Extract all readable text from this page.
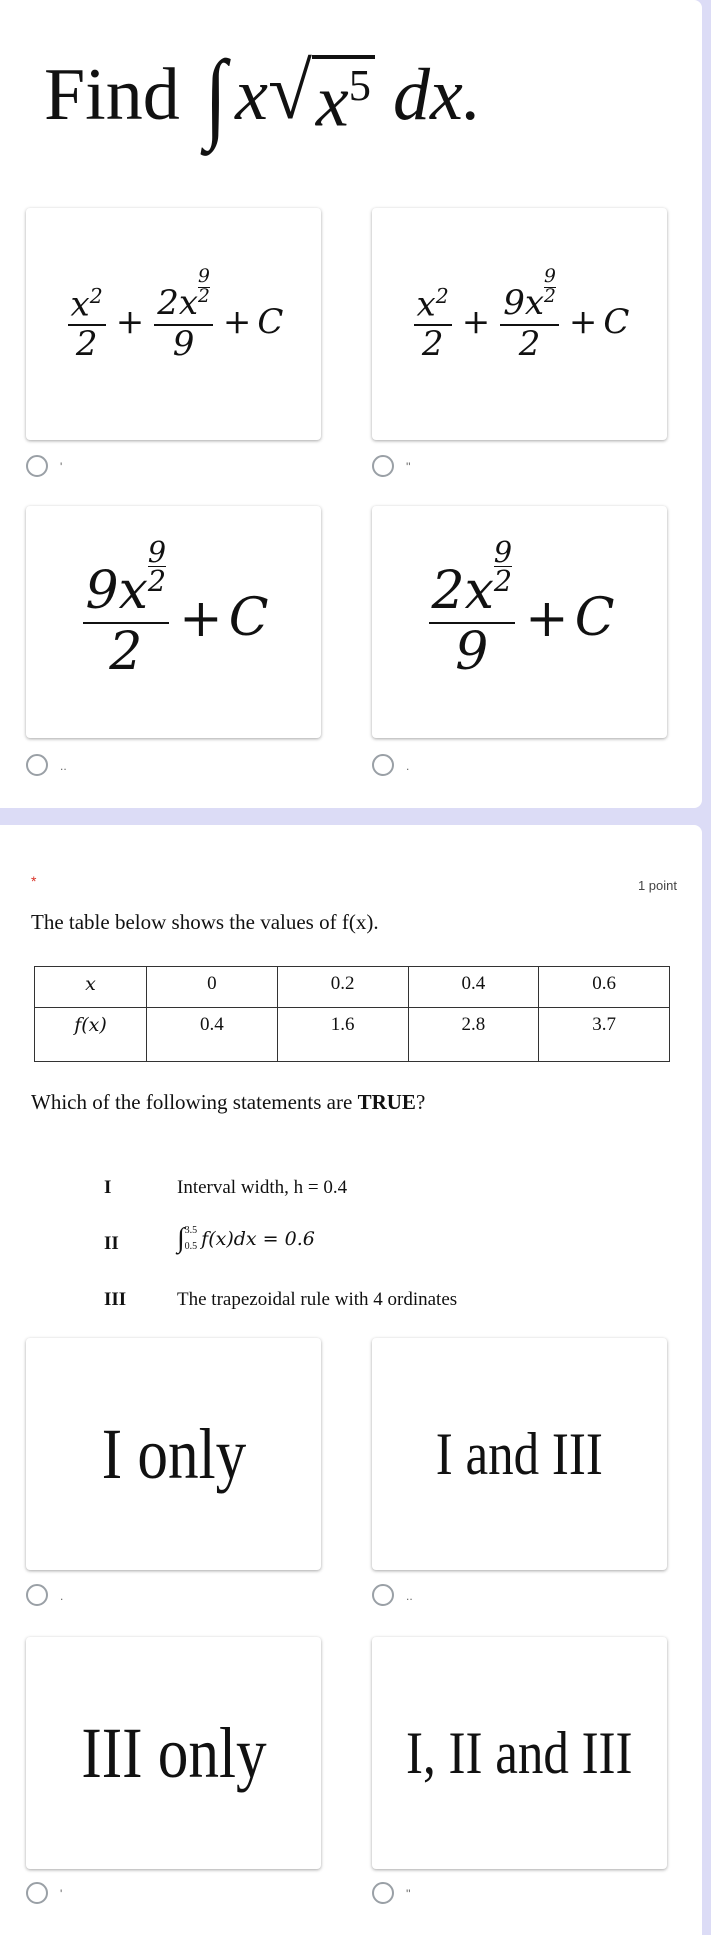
Find ∫ x √ $x^5$ dx.
$\frac{x^2}{2} + \frac{2x \frac{9}{2}}{9} + C$
'
$\frac{x^2}{2} + \frac{9x \frac{9}{2}}{2} + C$
''
$\frac{9x \frac{9}{2}}{2} + C$
..
$\frac{2x \frac{9}{2}}{9} + C$
.
*	1 point
The table below shows the values of f(x).
x	0	0.2	0.4	0.6
f(x)	0.4	1.6	2.8	3.7
Which of the following statements are TRUE?
I	Interval width, h = 0.4
II ∫ 3.5
0.5 f(x)dx = 0.6
III	The trapezoidal rule with 4 ordinates
I only
.
I and III
..
III only
'
I, II and III
''
